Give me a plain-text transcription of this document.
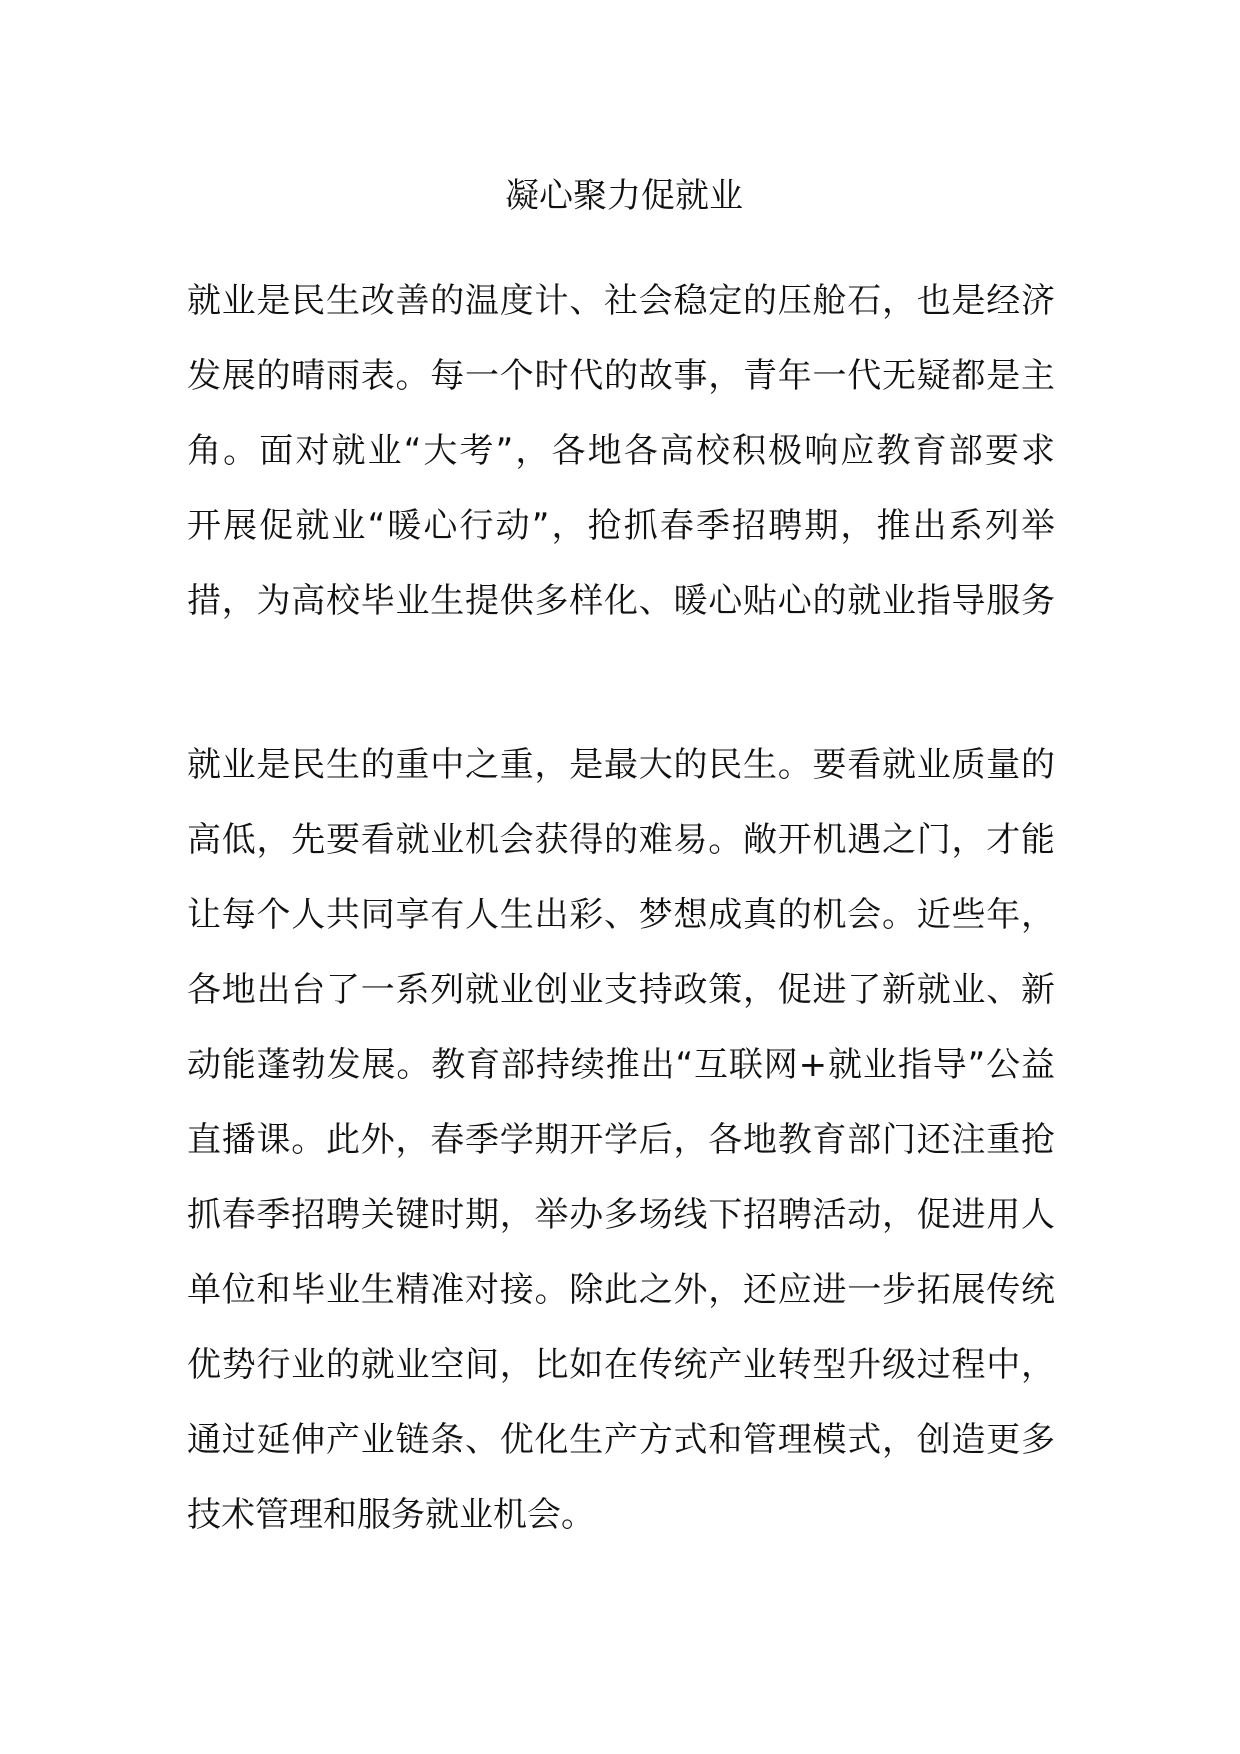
凝心聚力促就业
就业是民生改善的温度计、社会稳定的压舱石，也是经济
发展的晴雨表。每一个时代的故事，青年一代无疑都是主
角。面对就业“大考”，各地各高校积极响应教育部要求
开展促就业“暖心行动”，抢抓春季招聘期，推出系列举
措，为高校毕业生提供多样化、暖心贴心的就业指导服务
就业是民生的重中之重，是最大的民生。要看就业质量的
高低，先要看就业机会获得的难易。敞开机遇之门，才能
让每个人共同享有人生出彩、梦想成真的机会。近些年，
各地出台了一系列就业创业支持政策，促进了新就业、新
动能蓬勃发展。教育部持续推出“互联网+就业指导”公益
直播课。此外，春季学期开学后，各地教育部门还注重抢
抓春季招聘关键时期，举办多场线下招聘活动，促进用人
单位和毕业生精准对接。除此之外，还应进一步拓展传统
优势行业的就业空间，比如在传统产业转型升级过程中，
通过延伸产业链条、优化生产方式和管理模式，创造更多
技术管理和服务就业机会。
